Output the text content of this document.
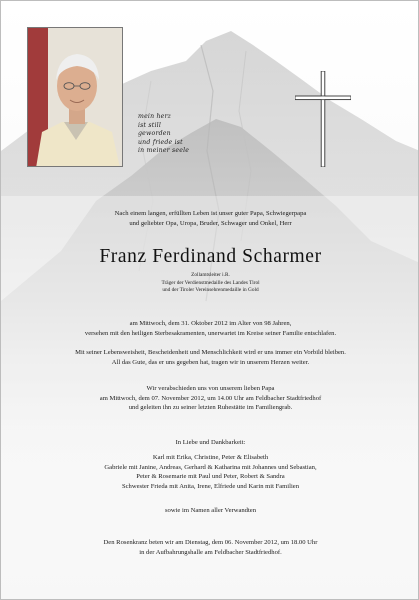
mein herz
ist still
geworden
und friede ist
in meiner seele
Nach einem langen, erfüllten Leben ist unser guter Papa, Schwiegerpapa
und geliebter Opa, Uropa, Bruder, Schwager und Onkel, Herr
Franz Ferdinand Scharmer
Zollamtsleiter i.R.
Träger der Verdienstmedaille des Landes Tirol
und der Tiroler Vereinsehrenmedaille in Gold
am Mittwoch, dem 31. Oktober 2012 im Alter von 98 Jahren,
versehen mit den heiligen Sterbesakramenten, unerwartet im Kreise seiner Familie entschlafen.
Mit seiner Lebensweisheit, Bescheidenheit und Menschlichkeit wird er uns immer ein Vorbild bleiben.
All das Gute, das er uns gegeben hat, tragen wir in unserem Herzen weiter.
Wir verabschieden uns von unserem lieben Papa
am Mittwoch, dem 07. November 2012, um 14.00 Uhr am Feldbacher Stadtfriedhof
und geleiten ihn zu seiner letzten Ruhestätte im Familiengrab.
In Liebe und Dankbarkeit:
Karl mit Erika, Christine, Peter & Elisabeth
Gabriele mit Janine, Andreas, Gerhard & Katharina mit Johannes und Sebastian,
Peter & Rosemarie mit Paul und Peter, Robert & Sandra
Schwester Frieda mit Anita, Irene, Elfriede und Karin mit Familien
sowie im Namen aller Verwandten
Den Rosenkranz beten wir am Dienstag, dem 06. November 2012, um 18.00 Uhr
in der Aufbahrungshalle am Feldbacher Stadtfriedhof.
